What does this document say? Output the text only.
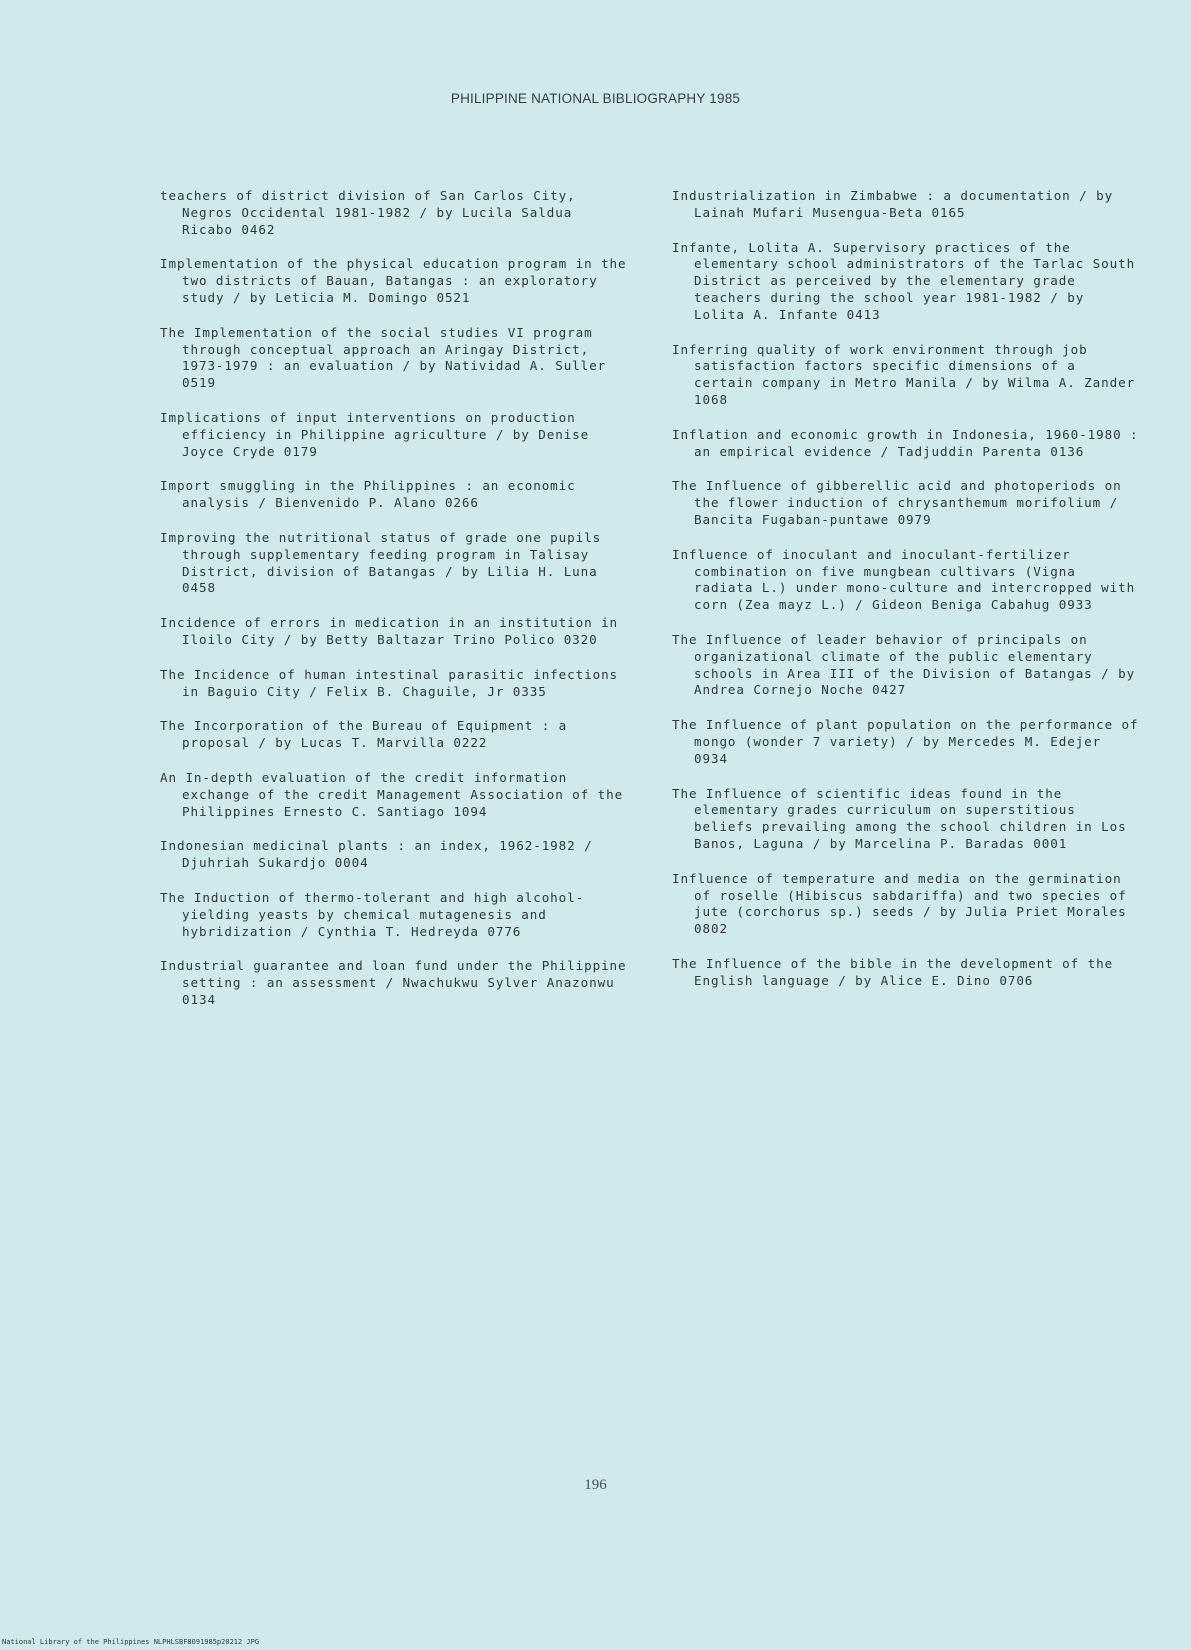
PHILIPPINE NATIONAL BIBLIOGRAPHY 1985
teachers of district division of San Carlos City, Negros Occidental 1981-1982 / by Lucila Saldua Ricabo 0462
Implementation of the physical education program in the two districts of Bauan, Batangas : an exploratory study / by Leticia M. Domingo 0521
The Implementation of the social studies VI program through conceptual approach an Aringay District, 1973-1979 : an evaluation / by Natividad A. Suller 0519
Implications of input interventions on production efficiency in Philippine agriculture / by Denise Joyce Cryde 0179
Import smuggling in the Philippines : an economic analysis / Bienvenido P. Alano 0266
Improving the nutritional status of grade one pupils through supplementary feeding program in Talisay District, division of Batangas / by Lilia H. Luna 0458
Incidence of errors in medication in an institution in Iloilo City / by Betty Baltazar Trino Polico 0320
The Incidence of human intestinal parasitic infections in Baguio City / Felix B. Chaguile, Jr 0335
The Incorporation of the Bureau of Equipment : a proposal / by Lucas T. Marvilla 0222
An In-depth evaluation of the credit information exchange of the credit Management Association of the Philippines Ernesto C. Santiago 1094
Indonesian medicinal plants : an index, 1962-1982 / Djuhriah Sukardjo 0004
The Induction of thermo-tolerant and high alcohol-yielding yeasts by chemical mutagenesis and hybridization / Cynthia T. Hedreyda 0776
Industrial guarantee and loan fund under the Philippine setting : an assessment / Nwachukwu Sylver Anazonwu 0134
Industrialization in Zimbabwe : a documentation / by Lainah Mufari Musengua-Beta 0165
Infante, Lolita A. Supervisory practices of the elementary school administrators of the Tarlac South District as perceived by the elementary grade teachers during the school year 1981-1982 / by Lolita A. Infante 0413
Inferring quality of work environment through job satisfaction factors specific dimensions of a certain company in Metro Manila / by Wilma A. Zander 1068
Inflation and economic growth in Indonesia, 1960-1980 : an empirical evidence / Tadjuddin Parenta 0136
The Influence of gibberellic acid and photoperiods on the flower induction of chrysanthemum morifolium / Bancita Fugaban-puntawe 0979
Influence of inoculant and inoculant-fertilizer combination on five mungbean cultivars (Vigna radiata L.) under mono-culture and intercropped with corn (Zea mayz L.) / Gideon Beniga Cabahug 0933
The Influence of leader behavior of principals on organizational climate of the public elementary schools in Area III of the Division of Batangas / by Andrea Cornejo Noche 0427
The Influence of plant population on the performance of mongo (wonder 7 variety) / by Mercedes M. Edejer 0934
The Influence of scientific ideas found in the elementary grades curriculum on superstitious beliefs prevailing among the school children in Los Banos, Laguna / by Marcelina P. Baradas 0001
Influence of temperature and media on the germination of roselle (Hibiscus sabdariffa) and two species of jute (corchorus sp.) seeds / by Julia Priet Morales 0802
The Influence of the bible in the development of the English language / by Alice E. Dino 0706
196
National Library of the Philippines NLPHLSBF8091985p20212 JPG
